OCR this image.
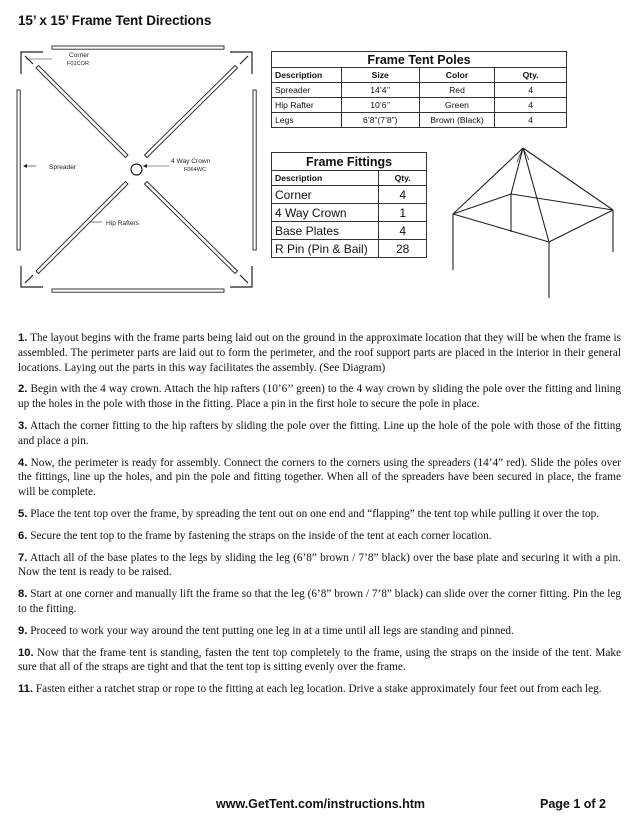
15’ x 15’ Frame Tent Directions
Corner
F01COR
Spreader
4 Way Crown
F064WC
Hip Rafters
Frame Tent Poles			
Description	Size	Color	Qty.
Spreader	14’4’’	Red	4
Hip Rafter	10’6’’	Green	4
Legs	6’8”(7’8”)	Brown (Black)	4
Frame Fittings	
Description	Qty.
Corner	4
4 Way Crown	1
Base Plates	4
R Pin (Pin & Bail)	28

1. The layout begins with the frame parts being laid out on the ground in the approximate location that they will be when the frame is assembled. The perimeter parts are laid out to form the perimeter, and the roof support parts are placed in the interior in their general locations. Laying out the parts in this way facilitates the assembly. (See Diagram)

2. Begin with the 4 way crown. Attach the hip rafters (10’6’’ green) to the 4 way crown by sliding the pole over the fitting and lining up the holes in the pole with those in the fitting. Place a pin in the first hole to secure the pole in place.

3. Attach the corner fitting to the hip rafters by sliding the pole over the fitting. Line up the hole of the pole with those of the fitting and place a pin.

4. Now, the perimeter is ready for assembly. Connect the corners to the corners using the spreaders (14’4” red). Slide the poles over the fittings, line up the holes, and pin the pole and fitting together. When all of the spreaders have been secured in place, the frame will be complete.

5. Place the tent top over the frame, by spreading the tent out on one end and “flapping” the tent top while pulling it over the top.

6. Secure the tent top to the frame by fastening the straps on the inside of the tent at each corner location.

7. Attach all of the base plates to the legs by sliding the leg (6’8” brown / 7’8” black) over the base plate and securing it with a pin. Now the tent is ready to be raised.

8. Start at one corner and manually lift the frame so that the leg (6’8” brown / 7’8” black) can slide over the corner fitting. Pin the leg to the fitting.

9. Proceed to work your way around the tent putting one leg in at a time until all legs are standing and pinned.

10. Now that the frame tent is standing, fasten the tent top completely to the frame, using the straps on the inside of the tent. Make sure that all of the straps are tight and that the tent top is sitting evenly over the frame.

11. Fasten either a ratchet strap or rope to the fitting at each leg location. Drive a stake approximately four feet out from each leg.

www.GetTent.com/instructions.htm	Page 1 of 2
